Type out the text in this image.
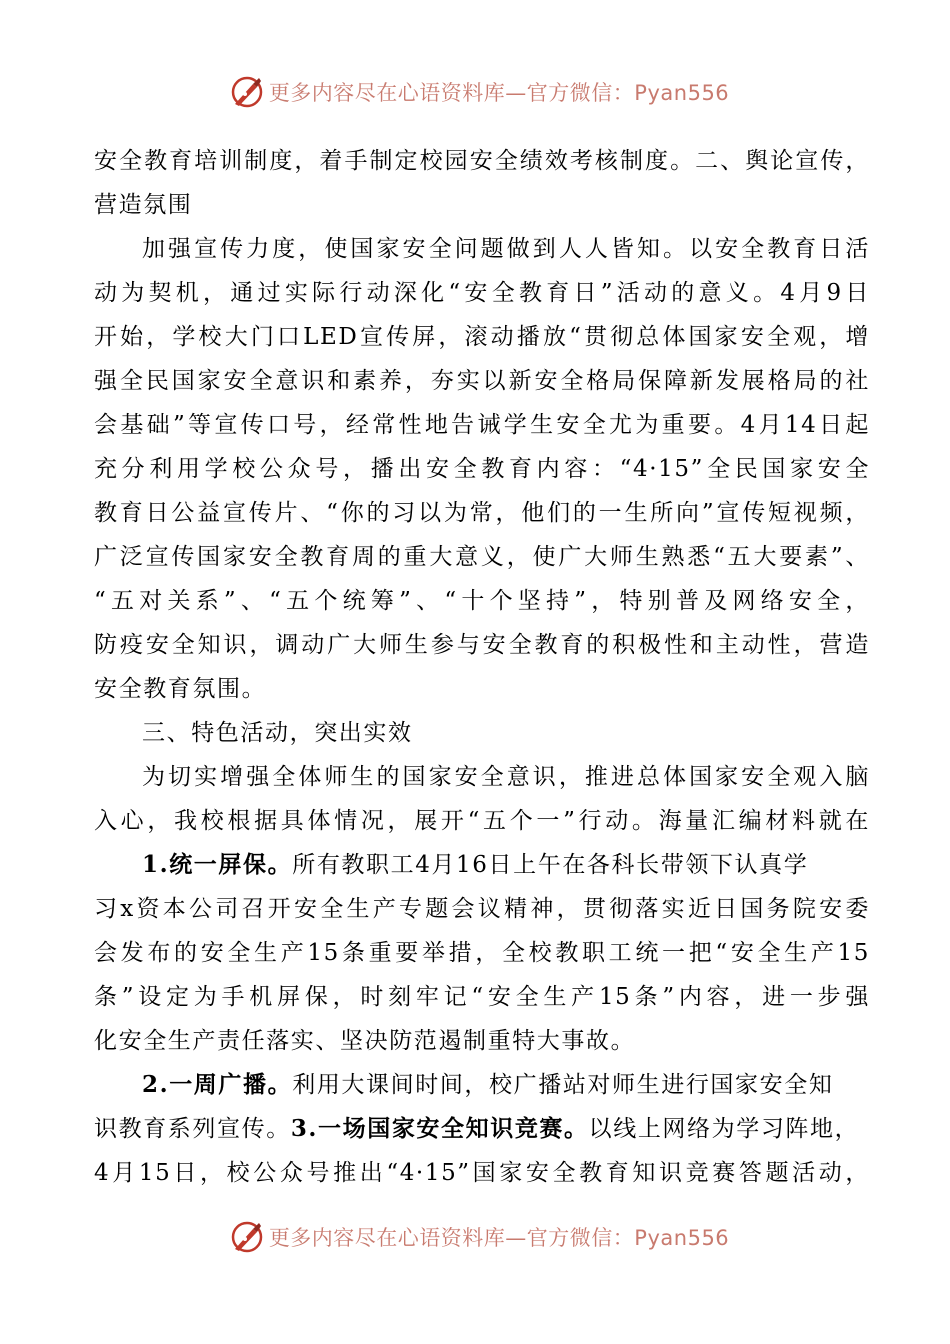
更多内容尽在心语资料库—官方微信：Pyan556
安全教育培训制度，着手制定校园安全绩效考核制度。二、舆论宣传，
营造氛围
加强宣传力度，使国家安全问题做到人人皆知。以安全教育日活
动为契机，通过实际行动深化“安全教育日”活动的意义。4月9日
开始，学校大门口LED宣传屏，滚动播放“贯彻总体国家安全观，增
强全民国家安全意识和素养，夯实以新安全格局保障新发展格局的社
会基础”等宣传口号，经常性地告诫学生安全尤为重要。4月14日起
充分利用学校公众号，播出安全教育内容：“4·15”全民国家安全
教育日公益宣传片、“你的习以为常，他们的一生所向”宣传短视频，
广泛宣传国家安全教育周的重大意义，使广大师生熟悉“五大要素”、
“五对关系”、“五个统筹”、“十个坚持”，特别普及网络安全，
防疫安全知识，调动广大师生参与安全教育的积极性和主动性，营造
安全教育氛围。
三、特色活动，突出实效
为切实增强全体师生的国家安全意识，推进总体国家安全观入脑
入心，我校根据具体情况，展开“五个一”行动。海量汇编材料就在
1.统一屏保。所有教职工4月16日上午在各科长带领下认真学
习x资本公司召开安全生产专题会议精神，贯彻落实近日国务院安委
会发布的安全生产15条重要举措，全校教职工统一把“安全生产15
条”设定为手机屏保，时刻牢记“安全生产15条”内容，进一步强
化安全生产责任落实、坚决防范遏制重特大事故。
2.一周广播。利用大课间时间，校广播站对师生进行国家安全知
识教育系列宣传。3.一场国家安全知识竞赛。以线上网络为学习阵地，
4月15日，校公众号推出“4·15”国家安全教育知识竞赛答题活动，
更多内容尽在心语资料库—官方微信：Pyan556
